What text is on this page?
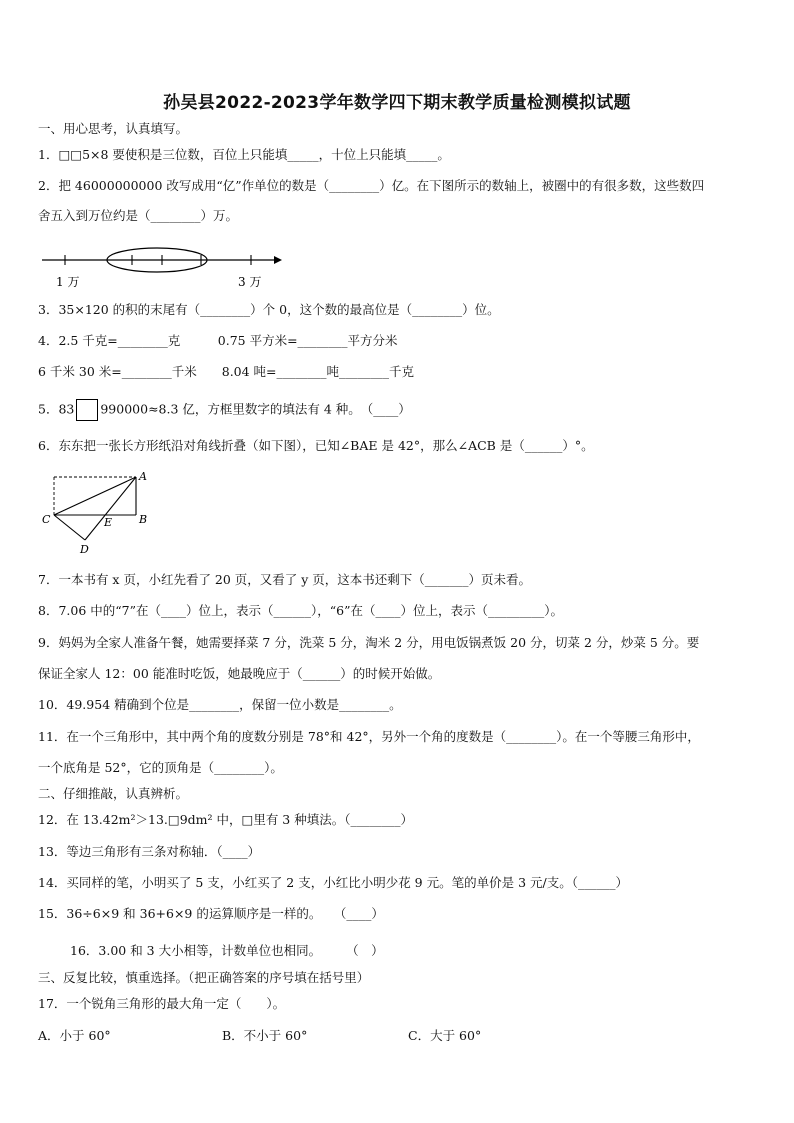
孙吴县2022-2023学年数学四下期末教学质量检测模拟试题
一、用心思考，认真填写。
1．□□5×8 要使积是三位数，百位上只能填_____，十位上只能填_____。
2．把 46000000000 改写成用“亿”作单位的数是（________）亿。在下图所示的数轴上，被圈中的有很多数，这些数四
舍五入到万位约是（________）万。
1 万	3 万
3．35×120 的积的末尾有（________）个 0，这个数的最高位是（________）位。
4．2.5 千克=________克　　　0.75 平方米=________平方分米
6 千米 30 米=________千米　　8.04 吨=________吨________千克
5．83 990000≈8.3 亿，方框里数字的填法有 4 种。　（____）
6．东东把一张长方形纸沿对角线折叠（如下图），已知∠BAE 是 42°，那么∠ACB 是（______）°。
A
B
C
D
E
7．一本书有 x 页，小红先看了 20 页，又看了 y 页，这本书还剩下（_______）页未看。
8．7.06 中的“7”在（____）位上，表示（______），“6”在（____）位上，表示（_________）。
9．妈妈为全家人准备午餐，她需要择菜 7 分，洗菜 5 分，淘米 2 分，用电饭锅煮饭 20 分，切菜 2 分，炒菜 5 分。要
保证全家人 12：00 能准时吃饭，她最晚应于（______）的时候开始做。
10．49.954 精确到个位是________，保留一位小数是________。
11．在一个三角形中，其中两个角的度数分别是 78°和 42°，另外一个角的度数是（________）。在一个等腰三角形中，
一个底角是 52°，它的顶角是（________）。
二、仔细推敲，认真辨析。
12．在 13.42m²＞13.□9dm² 中，□里有 3 种填法。（________）
13．等边三角形有三条对称轴．（____）
14．买同样的笔，小明买了 5 支，小红买了 2 支，小红比小明少花 9 元。笔的单价是 3 元/支。（______）
15．36÷6×9 和 36+6×9 的运算顺序是一样的。　　（____）
16．3.00 和 3 大小相等，计数单位也相同。　　　（　）
三、反复比较，慎重选择。（把正确答案的序号填在括号里）
17．一个锐角三角形的最大角一定（　　）。
A．小于 60°	B．不小于 60°	C．大于 60°
